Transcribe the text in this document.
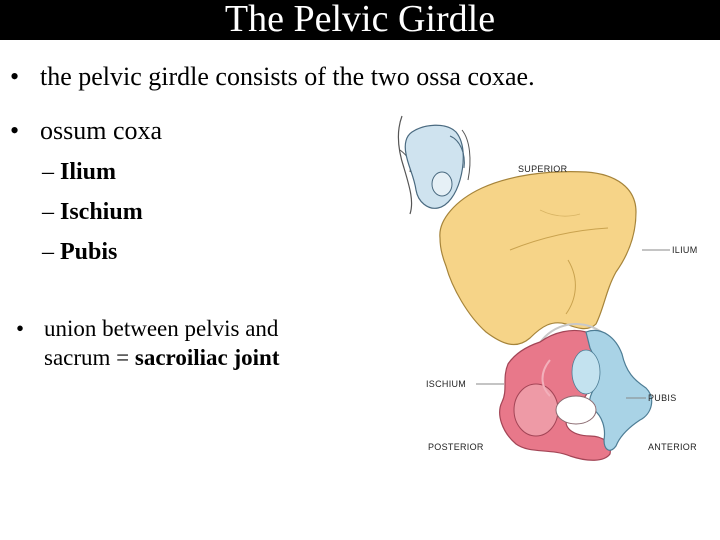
The Pelvic Girdle
• the pelvic girdle consists of the two ossa coxae.
• ossum coxa
– Ilium
– Ischium
– Pubis
• union between pelvis and
sacrum = sacroiliac joint
SUPERIOR
ILIUM
ISCHIUM
PUBIS
POSTERIOR	ANTERIOR
